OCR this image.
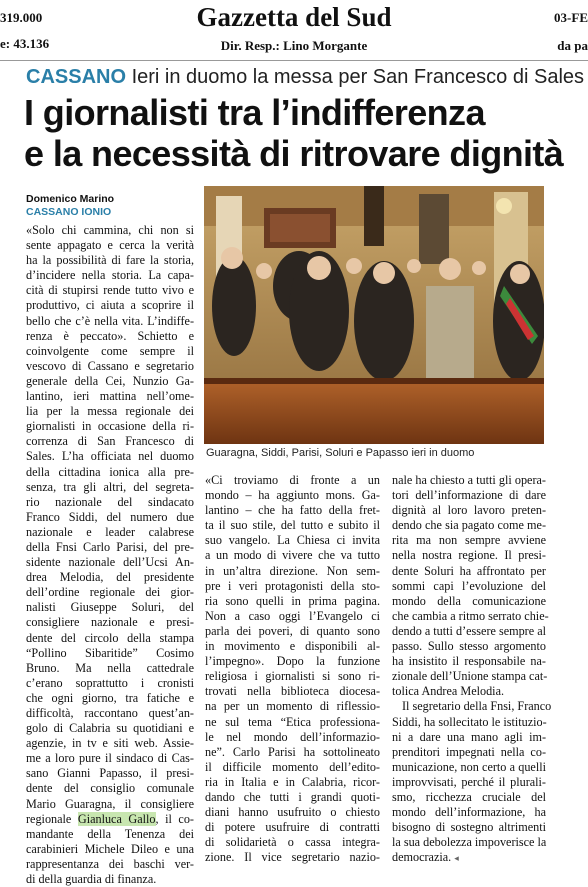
Gazzetta del Sud
319.000	03-FE
e: 43.136	Dir. Resp.: Lino Morgante	da pa
CASSANO Ieri in duomo la messa per San Francesco di Sales
I giornalisti tra l’indifferenza
e la necessità di ritrovare dignità
Domenico Marino
CASSANO IONIO
Guaragna, Siddi, Parisi, Soluri e Papasso ieri in duomo
«Solo chi cammina, chi non si
sente appagato e cerca la verità
ha la possibilità di fare la storia,
d’incidere nella storia. La capa-
cità di stupirsi rende tutto vivo e
produttivo, ci aiuta a scoprire il
bello che c’è nella vita. L’indiffe-
renza è peccato». Schietto e
coinvolgente come sempre il
vescovo di Cassano e segretario
generale della Cei, Nunzio Ga-
lantino, ieri mattina nell’ome-
lia per la messa regionale dei
giornalisti in occasione della ri-
correnza di San Francesco di
Sales. L’ha officiata nel duomo
della cittadina ionica alla pre-
senza, tra gli altri, del segreta-
rio nazionale del sindacato
Franco Siddi, del numero due
nazionale e leader calabrese
della Fnsi Carlo Parisi, del pre-
sidente nazionale dell’Ucsi An-
drea Melodia, del presidente
dell’ordine regionale dei gior-
nalisti Giuseppe Soluri, del
consigliere nazionale e presi-
dente del circolo della stampa
“Pollino Sibaritide” Cosimo
Bruno. Ma nella cattedrale
c’erano soprattutto i cronisti
che ogni giorno, tra fatiche e
difficoltà, raccontano quest’an-
golo di Calabria su quotidiani e
agenzie, in tv e siti web. Assie-
me a loro pure il sindaco di Cas-
sano Gianni Papasso, il presi-
dente del consiglio comunale
Mario Guaragna, il consigliere
regionale Gianluca Gallo, il co-
mandante della Tenenza dei
carabinieri Michele Dileo e una
rappresentanza dei baschi ver-
di della guardia di finanza.
«Ci troviamo di fronte a un
mondo – ha aggiunto mons. Ga-
lantino – che ha fatto della fret-
ta il suo stile, del tutto e subito il
suo vangelo. La Chiesa ci invita
a un modo di vivere che va tutto
in un’altra direzione. Non sem-
pre i veri protagonisti della sto-
ria sono quelli in prima pagina.
Non a caso oggi l’Evangelo ci
parla dei poveri, di quanto sono
in movimento e disponibili al-
l’impegno». Dopo la funzione
religiosa i giornalisti si sono ri-
trovati nella biblioteca diocesa-
na per un momento di riflessio-
ne sul tema “Etica professiona-
le nel mondo dell’informazio-
ne”. Carlo Parisi ha sottolineato
il difficile momento dell’edito-
ria in Italia e in Calabria, ricor-
dando che tutti i grandi quoti-
diani hanno usufruito o chiesto
di potere usufruire di contratti
di solidarietà o cassa integra-
zione. Il vice segretario nazio-
nale ha chiesto a tutti gli opera-
tori dell’informazione di dare
dignità al loro lavoro preten-
dendo che sia pagato come me-
rita ma non sempre avviene
nella nostra regione. Il presi-
dente Soluri ha affrontato per
sommi capi l’evoluzione del
mondo della comunicazione
che cambia a ritmo serrato chie-
dendo a tutti d’essere sempre al
passo. Sullo stesso argomento
ha insistito il responsabile na-
zionale dell’Unione stampa cat-
tolica Andrea Melodia.
Il segretario della Fnsi, Franco
Siddi, ha sollecitato le istituzio-
ni a dare una mano agli im-
prenditori impegnati nella co-
municazione, non certo a quelli
improvvisati, perché il plurali-
smo, ricchezza cruciale del
mondo dell’informazione, ha
bisogno di sostegno altrimenti
la sua debolezza impoverisce la
democrazia. ◂
